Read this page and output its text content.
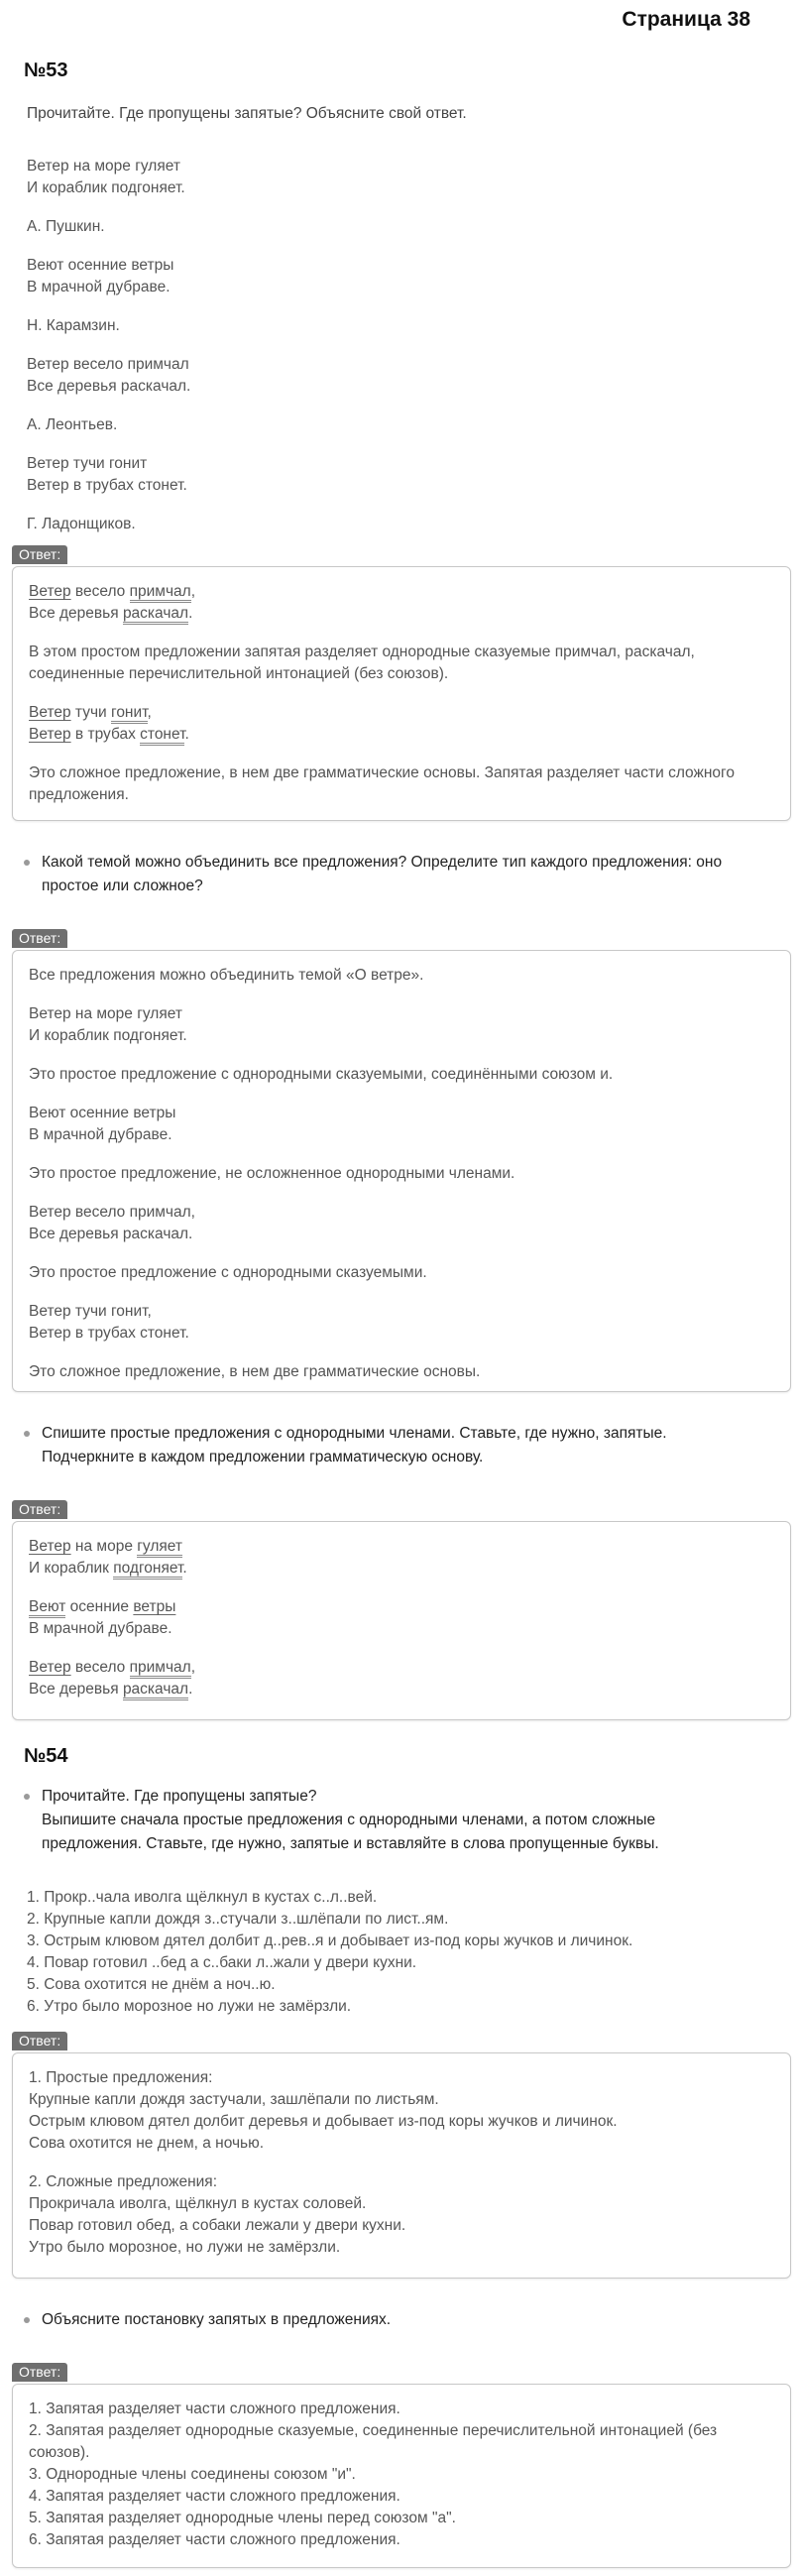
Страница 38
№53
Прочитайте. Где пропущены запятые? Объясните свой ответ.

Ветер на море гуляет

И кораблик подгоняет.

А. Пушкин.

Веют осенние ветры

В мрачной дубраве.

Н. Карамзин.

Ветер весело примчал

Все деревья раскачал.

А. Леонтьев.

Ветер тучи гонит

Ветер в трубах стонет.

Г. Ладонщиков.

Ответ:

Ветер весело примчал,

Все деревья раскачал.

В этом простом предложении запятая разделяет однородные сказуемые примчал, раскачал, соединенные перечислительной интонацией (без союзов).

Ветер тучи гонит,

Ветер в трубах стонет.

Это сложное предложение, в нем две грамматические основы. Запятая разделяет части сложного предложения.
Какой темой можно объединить все предложения? Определите тип каждого предложения: оно
простое или сложное?
Ответ:

Все предложения можно объединить темой «О ветре».

Ветер на море гуляет

И кораблик подгоняет.

Это простое предложение с однородными сказуемыми, соединёнными союзом и.

Веют осенние ветры

В мрачной дубраве.

Это простое предложение, не осложненное однородными членами.

Ветер весело примчал,

Все деревья раскачал.

Это простое предложение с однородными сказуемыми.

Ветер тучи гонит,

Ветер в трубах стонет.

Это сложное предложение, в нем две грамматические основы.

Спишите простые предложения с однородными членами. Ставьте, где нужно, запятые.
Подчеркните в каждом предложении грамматическую основу.
Ответ:

Ветер на море гуляет

И кораблик подгоняет.

Веют осенние ветры

В мрачной дубраве.

Ветер весело примчал,

Все деревья раскачал.

№54
Прочитайте. Где пропущены запятые?
Выпишите сначала простые предложения с однородными членами, а потом сложные
предложения. Ставьте, где нужно, запятые и вставляйте в слова пропущенные буквы.

1. Прокр..чала иволга щёлкнул в кустах с..л..вей.

2. Крупные капли дождя з..стучали з..шлёпали по лист..ям.

3. Острым клювом дятел долбит д..рев..я и добывает из-под коры жучков и личинок.

4. Повар готовил ..бед а с..баки л..жали у двери кухни.

5. Сова охотится не днём а ноч..ю.

6. Утро было морозное но лужи не замёрзли.

Ответ:

1. Простые предложения:

Крупные капли дождя застучали, зашлёпали по листьям.

Острым клювом дятел долбит деревья и добывает из-под коры жучков и личинок.

Сова охотится не днем, а ночью.

2. Сложные предложения:

Прокричала иволга, щёлкнул в кустах соловей.

Повар готовил обед, а собаки лежали у двери кухни.

Утро было морозное, но лужи не замёрзли.

Объясните постановку запятых в предложениях.
Ответ:

1. Запятая разделяет части сложного предложения.

2. Запятая разделяет однородные сказуемые, соединенные перечислительной интонацией (без

союзов).

3. Однородные члены соединены союзом "и".

4. Запятая разделяет части сложного предложения.

5. Запятая разделяет однородные члены перед союзом "а".

6. Запятая разделяет части сложного предложения.
